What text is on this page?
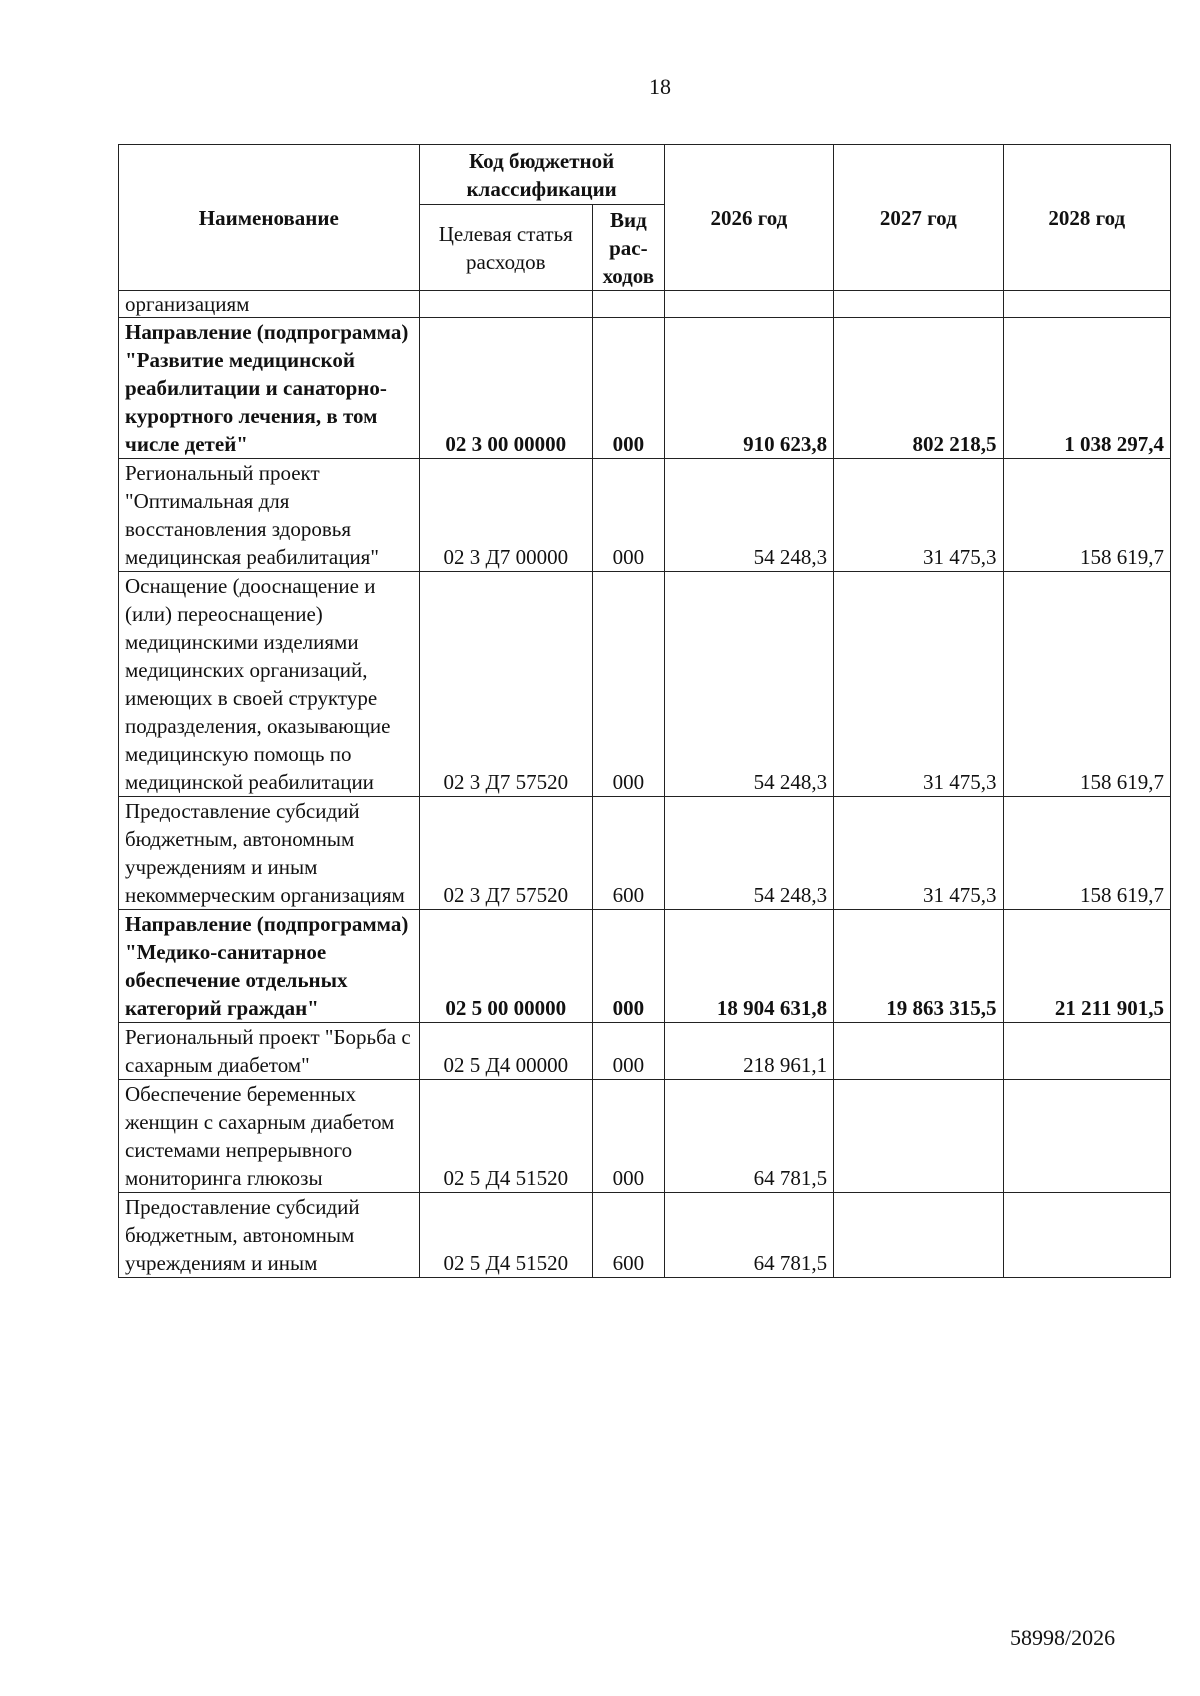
18
Наименование	Код бюджетной классификации		2026 год	2027 год	2028 год
	Целевая статья расходов	Вид
рас-
ходов			

организациям					
Направление (подпрограмма) "Развитие медицинской реабилитации и санаторно-курортного лечения, в том числе детей"	02 3 00 00000	000	910 623,8	802 218,5	1 038 297,4
Региональный проект "Оптимальная для восстановления здоровья медицинская реабилитация"	02 3 Д7 00000	000	54 248,3	31 475,3	158 619,7
Оснащение (дооснащение и (или) переоснащение) медицинскими изделиями медицинских организаций, имеющих в своей структуре подразделения, оказывающие медицинскую помощь по медицинской реабилитации	02 3 Д7 57520	000	54 248,3	31 475,3	158 619,7
Предоставление субсидий бюджетным, автономным учреждениям и иным некоммерческим организациям	02 3 Д7 57520	600	54 248,3	31 475,3	158 619,7
Направление (подпрограмма) "Медико-санитарное обеспечение отдельных категорий граждан"	02 5 00 00000	000	18 904 631,8	19 863 315,5	21 211 901,5
Региональный проект "Борьба с сахарным диабетом"	02 5 Д4 00000	000	218 961,1		
Обеспечение беременных женщин с сахарным диабетом системами непрерывного мониторинга глюкозы	02 5 Д4 51520	000	64 781,5		
Предоставление субсидий бюджетным, автономным учреждениям и иным	02 5 Д4 51520	600	64 781,5		
58998/2026
